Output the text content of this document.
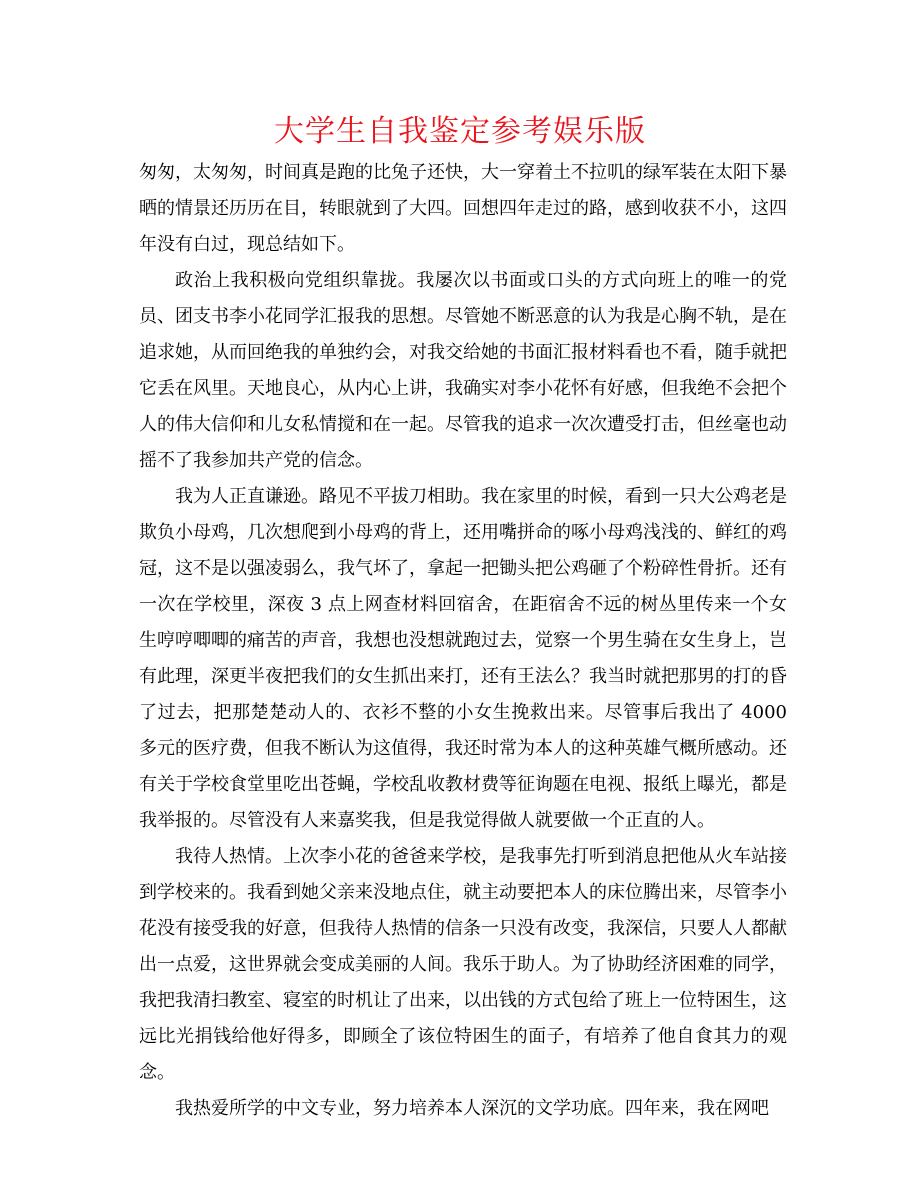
大学生自我鉴定参考娱乐版

匆匆，太匆匆，时间真是跑的比兔子还快，大一穿着土不拉叽的绿军装在太阳下暴晒的情景还历历在目，转眼就到了大四。回想四年走过的路，感到收获不小，这四年没有白过，现总结如下。

政治上我积极向党组织靠拢。我屡次以书面或口头的方式向班上的唯一的党员、团支书李小花同学汇报我的思想。尽管她不断恶意的认为我是心胸不轨，是在追求她，从而回绝我的单独约会，对我交给她的书面汇报材料看也不看，随手就把它丢在风里。天地良心，从内心上讲，我确实对李小花怀有好感，但我绝不会把个人的伟大信仰和儿女私情搅和在一起。尽管我的追求一次次遭受打击，但丝毫也动摇不了我参加共产党的信念。

我为人正直谦逊。路见不平拔刀相助。我在家里的时候，看到一只大公鸡老是欺负小母鸡，几次想爬到小母鸡的背上，还用嘴拼命的啄小母鸡浅浅的、鲜红的鸡冠，这不是以强凌弱么，我气坏了，拿起一把锄头把公鸡砸了个粉碎性骨折。还有一次在学校里，深夜 3 点上网查材料回宿舍，在距宿舍不远的树丛里传来一个女生哼哼唧唧的痛苦的声音，我想也没想就跑过去，觉察一个男生骑在女生身上，岂有此理，深更半夜把我们的女生抓出来打，还有王法么？我当时就把那男的打的昏了过去，把那楚楚动人的、衣衫不整的小女生挽救出来。尽管事后我出了 4000 多元的医疗费，但我不断认为这值得，我还时常为本人的这种英雄气概所感动。还有关于学校食堂里吃出苍蝇，学校乱收教材费等征询题在电视、报纸上曝光，都是我举报的。尽管没有人来嘉奖我，但是我觉得做人就要做一个正直的人。

我待人热情。上次李小花的爸爸来学校，是我事先打听到消息把他从火车站接到学校来的。我看到她父亲来没地点住，就主动要把本人的床位腾出来，尽管李小花没有接受我的好意，但我待人热情的信条一只没有改变，我深信，只要人人都献出一点爱，这世界就会变成美丽的人间。我乐于助人。为了协助经济困难的同学，我把我清扫教室、寝室的时机让了出来，以出钱的方式包给了班上一位特困生，这远比光捐钱给他好得多，即顾全了该位特困生的面子，有培养了他自食其力的观念。

我热爱所学的中文专业，努力培养本人深沉的文学功底。四年来，我在网吧
